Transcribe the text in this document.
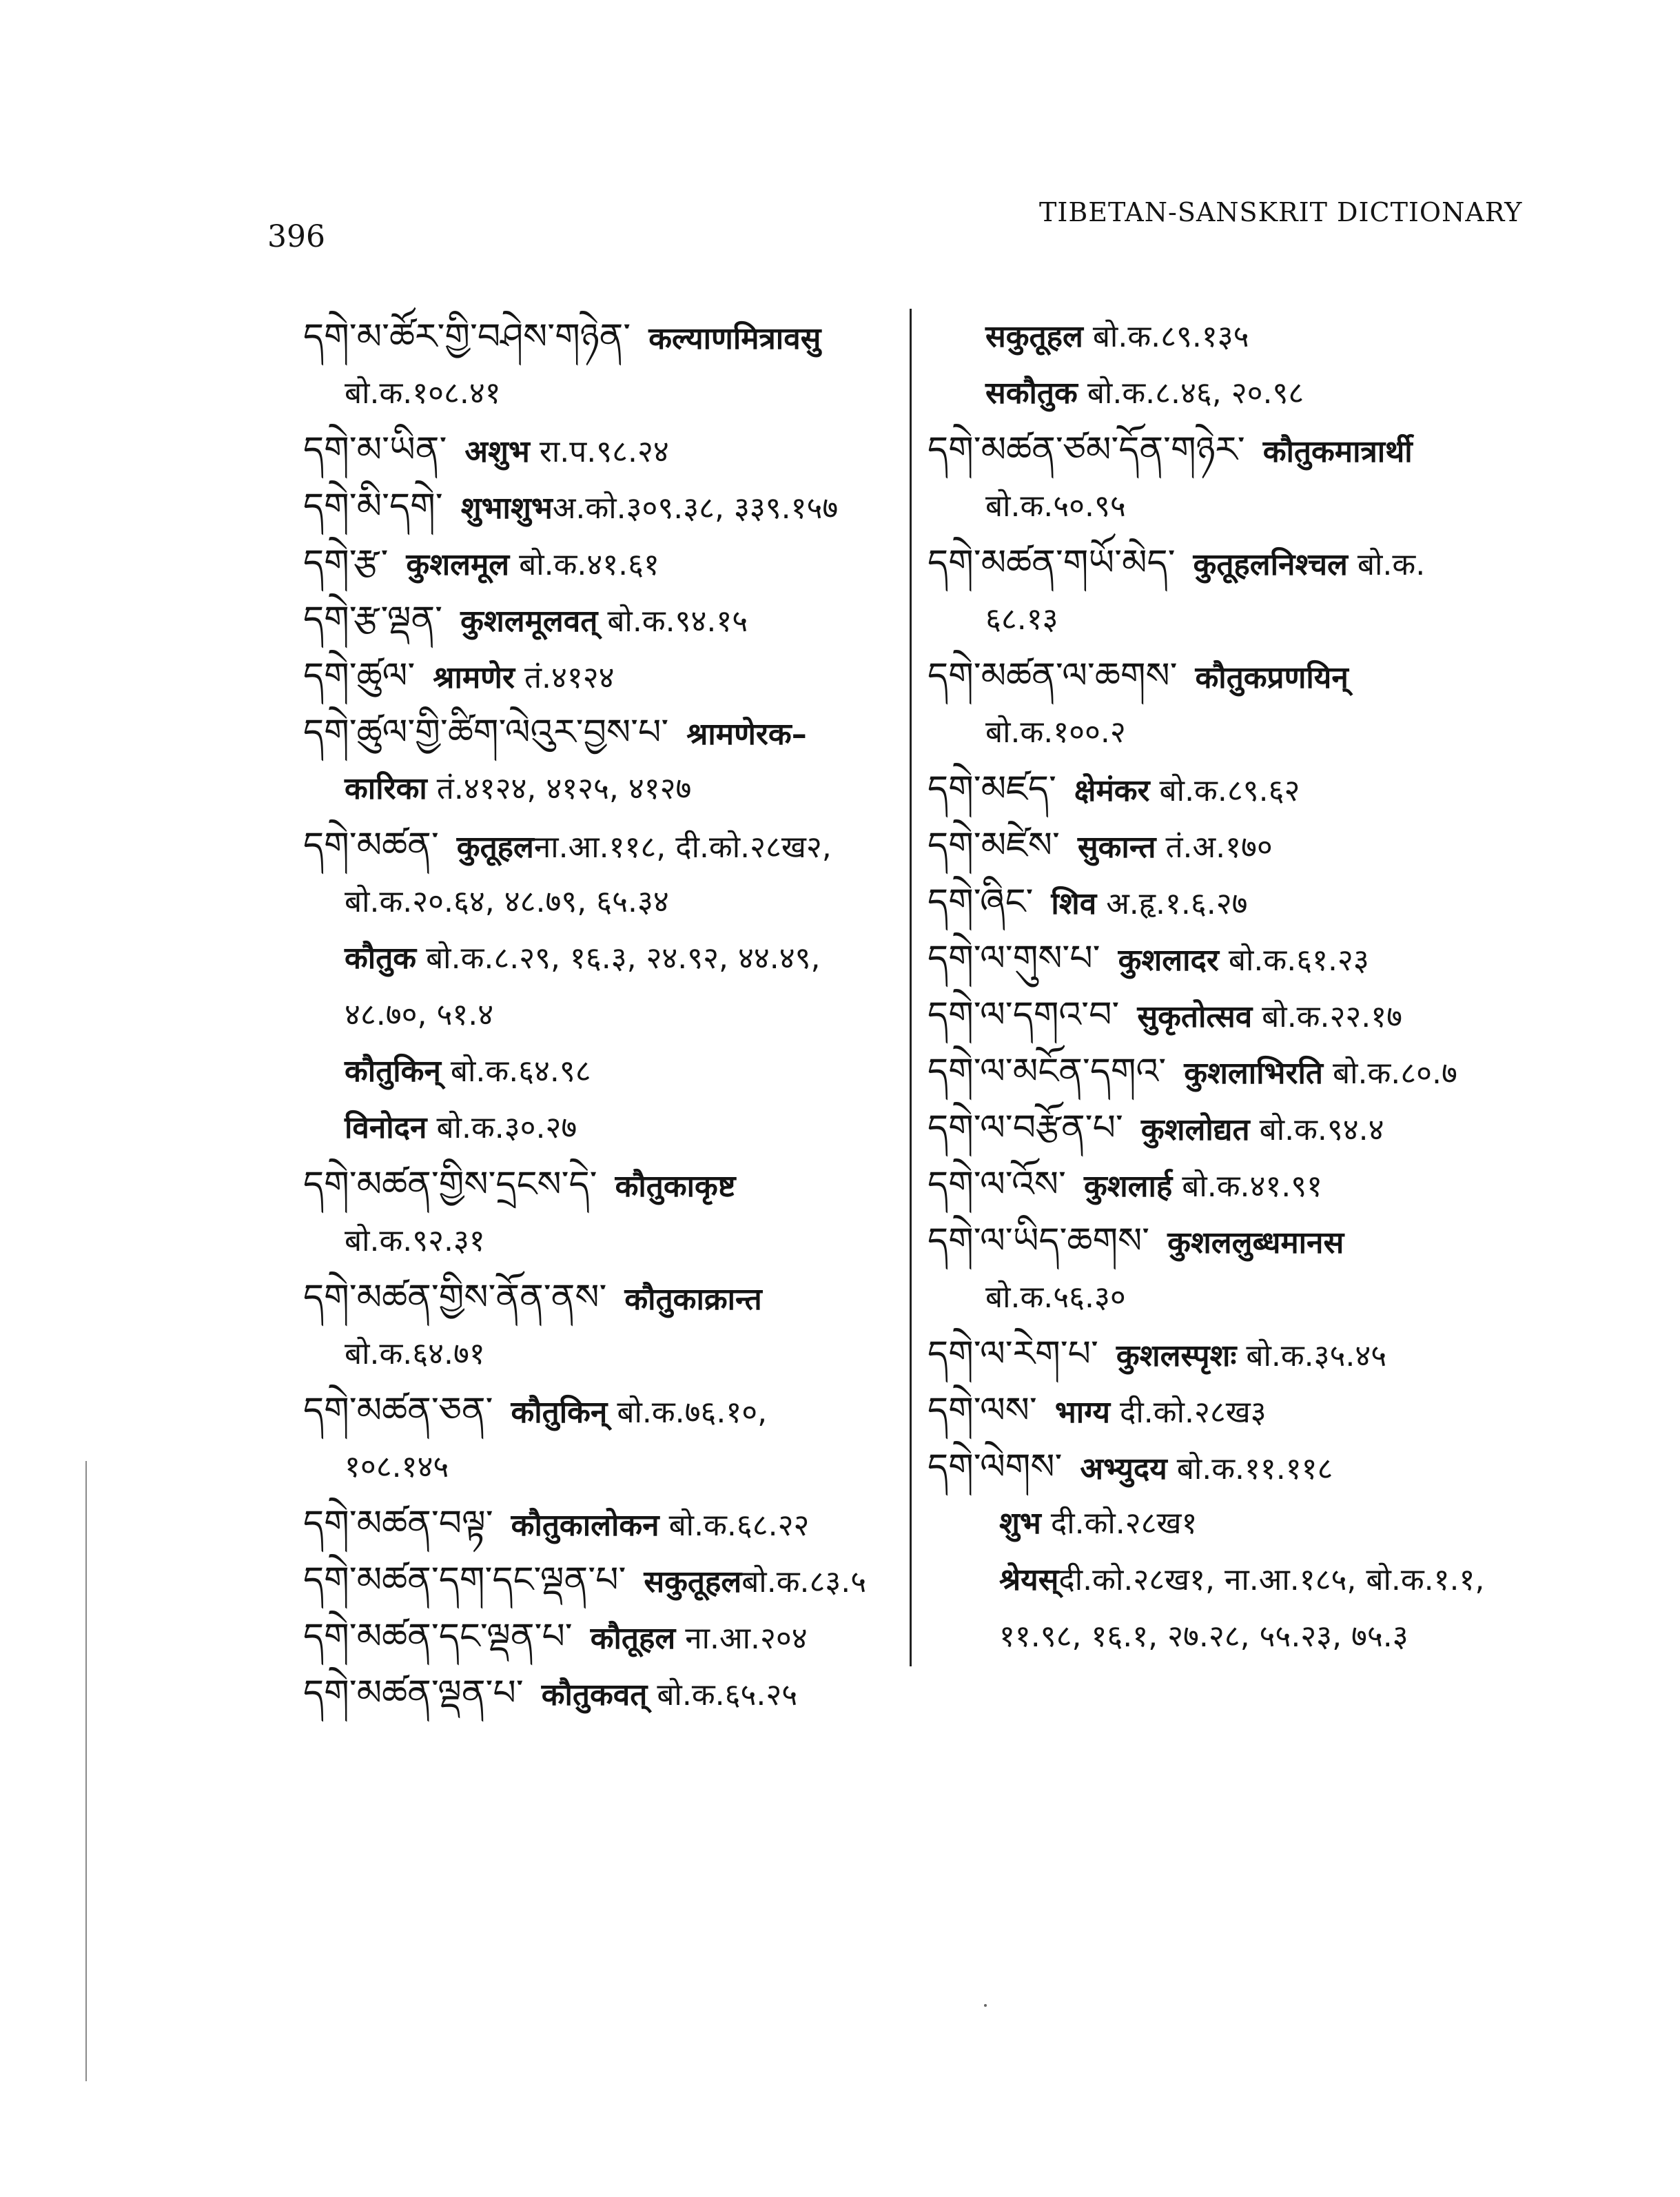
396
TIBETAN-SANSKRIT DICTIONARY
དགེ་མ་ཚོར་གྱི་བཤེས་གཉེན་ कल्याणमित्रावसु
बो.क.१०८.४१
དགེ་མ་ཡིན་ अशुभ रा.प.९८.२४
དགེ་མི་དགེ་ शुभाशुभअ.को.३०९.३८, ३३९.१५७
དགེ་རྩ་ कुशलमूल बो.क.४१.६१
དགེ་རྩ་ལྡན་ कुशलमूलवत् बो.क.९४.१५
དགེ་ཚུལ་ श्रामणेर तं.४१२४
དགེ་ཚུལ་གྱི་ཚིག་ལེའུར་བྱས་པ་ श्रामणेरक–
कारिका तं.४१२४, ४१२५, ४१२७
དགེ་མཚན་ कुतूहलना.आ.११८, दी.को.२८ख२,
बो.क.२०.६४, ४८.७९, ६५.३४
कौतुक बो.क.८.२९, १६.३, २४.९२, ४४.४९,
४८.७०, ५१.४
कौतुकिन् बो.क.६४.९८
विनोदन बो.क.३०.२७
དགེ་མཚན་གྱིས་དྲངས་དེ་ कौतुकाकृष्ट
बो.क.९२.३१
དགེ་མཚན་གྱིས་ནོན་ནས་ कौतुकाक्रान्त
बो.क.६४.७१
དགེ་མཚན་ཅན་ कौतुकिन् बो.क.७६.१०,
१०८.१४५
དགེ་མཚན་བལྟ་ कौतुकालोकन बो.क.६८.२२
དགེ་མཚན་དག་དང་ལྡན་པ་ सकुतूहलबो.क.८३.५
དགེ་མཚན་དང་ལྡན་པ་ कौतूहल ना.आ.२०४
དགེ་མཚན་ལྡན་པ་ कौतुकवत् बो.क.६५.२५
सकुतूहल बो.क.८९.१३५
सकौतुक बो.क.८.४६, २०.९८
དགེ་མཚན་ཙམ་དོན་གཉེར་ कौतुकमात्रार्थी
बो.क.५०.९५
དགེ་མཚན་གཡོ་མེད་ कुतूहलनिश्चल बो.क.
६८.१३
དགེ་མཚན་ལ་ཆགས་ कौतुकप्रणयिन्
बो.क.१००.२
དགེ་མཛད་ क्षेमंकर बो.क.८९.६२
དགེ་མཛེས་ सुकान्त तं.अ.१७०
དགེ་ཞིང་ शिव अ.हृ.१.६.२७
དགེ་ལ་གུས་པ་ कुशलादर बो.क.६१.२३
དགེ་ལ་དགའ་བ་ सुकृतोत्सव बो.क.२२.१७
དགེ་ལ་མངོན་དགའ་ कुशलाभिरति बो.क.८०.७
དགེ་ལ་བརྩོན་པ་ कुशलोद्यत बो.क.९४.४
དགེ་ལ་འོས་ कुशलार्ह बो.क.४१.९१
དགེ་ལ་ཡིད་ཆགས་ कुशललुब्धमानस
बो.क.५६.३०
དགེ་ལ་རེག་པ་ कुशलस्पृशः बो.क.३५.४५
དགེ་ལས་ भाग्य दी.को.२८ख३
དགེ་ལེགས་ अभ्युदय बो.क.११.११८
शुभ दी.को.२८ख१
श्रेयस्दी.को.२८ख१, ना.आ.१८५, बो.क.१.१,
११.९८, १६.१, २७.२८, ५५.२३, ७५.३
